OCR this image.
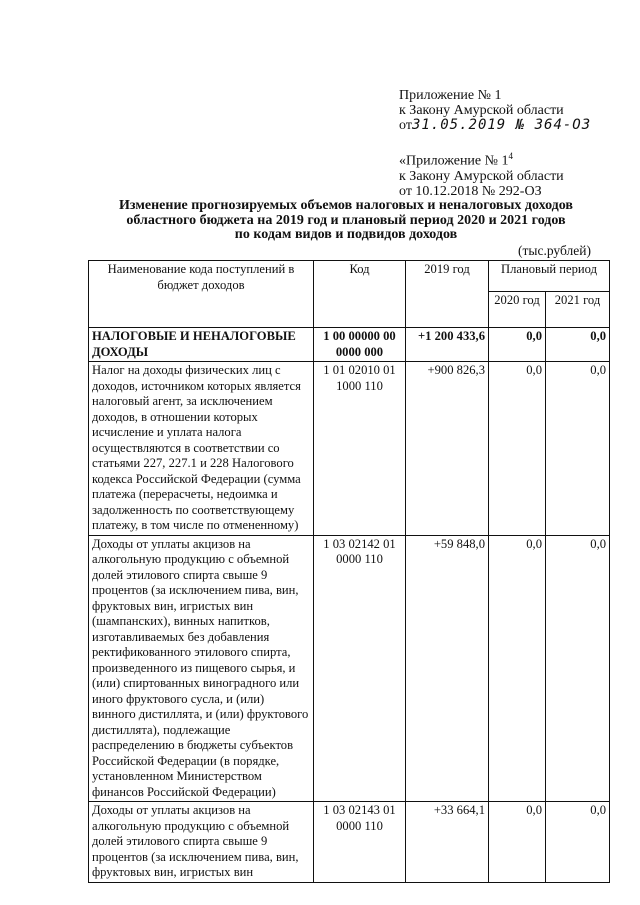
Приложение № 1
к Закону Амурской области
от31.05.2019 № 364-ОЗ
«Приложение № $1^4$
к Закону Амурской области
от 10.12.2018 № 292-ОЗ
Изменение прогнозируемых объемов налоговых и неналоговых доходов
областного бюджета на 2019 год и плановый период 2020 и 2021 годов
по кодам видов и подвидов доходов
(тыс.рублей)
Наименование кода поступлений в бюджет доходов	Код	2019 год	Плановый период	
			2020 год	2021 год
НАЛОГОВЫЕ И НЕНАЛОГОВЫЕ ДОХОДЫ	1 00 00000 00 0000 000	+1 200 433,6	0,0	0,0
Налог на доходы физических лиц с доходов, источником которых является налоговый агент, за исключением доходов, в отношении которых исчисление и уплата налога осуществляются в соответствии со статьями 227, 227.1 и 228 Налогового кодекса Российской Федерации (сумма платежа (перерасчеты, недоимка и задолженность по соответствующему платежу, в том числе по отмененному)	1 01 02010 01 1000 110	+900 826,3	0,0	0,0
Доходы от уплаты акцизов на алкогольную продукцию с объемной долей этилового спирта свыше 9 процентов (за исключением пива, вин, фруктовых вин, игристых вин (шампанских), винных напитков, изготавливаемых без добавления ректификованного этилового спирта, произведенного из пищевого сырья, и (или) спиртованных виноградного или иного фруктового сусла, и (или) винного дистиллята, и (или) фруктового дистиллята), подлежащие распределению в бюджеты субъектов Российской Федерации (в порядке, установленном Министерством финансов Российской Федерации)	1 03 02142 01 0000 110	+59 848,0	0,0	0,0
Доходы от уплаты акцизов на алкогольную продукцию с объемной долей этилового спирта свыше 9 процентов (за исключением пива, вин, фруктовых вин, игристых вин	1 03 02143 01 0000 110	+33 664,1	0,0	0,0
